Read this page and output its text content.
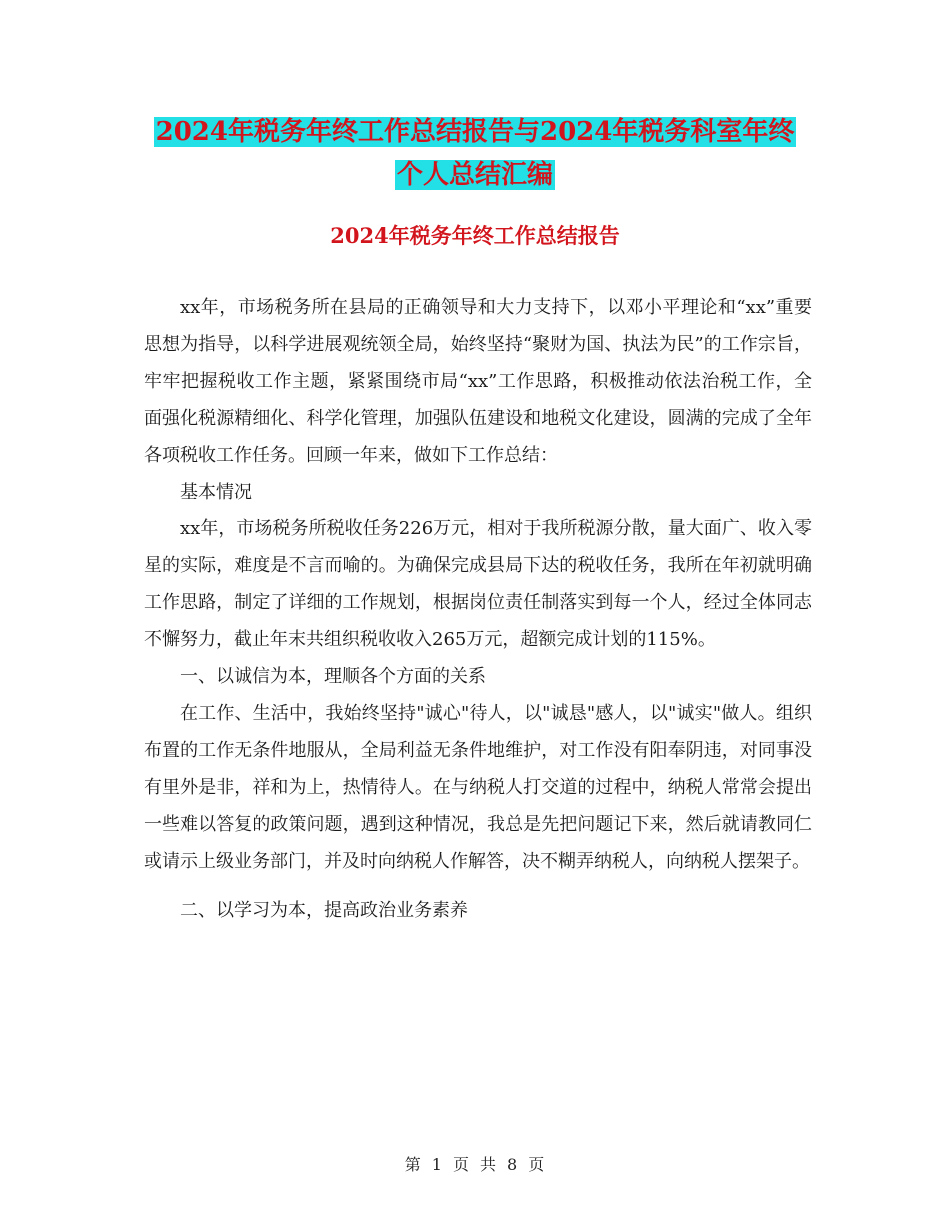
2024年税务年终工作总结报告与2024年税务科室年终
个人总结汇编
2024年税务年终工作总结报告

xx年，市场税务所在县局的正确领导和大力支持下，以邓小平理论和“xx”重要思想为指导，以科学进展观统领全局，始终坚持“聚财为国、执法为民”的工作宗旨，牢牢把握税收工作主题，紧紧围绕市局“xx”工作思路，积极推动依法治税工作，全面强化税源精细化、科学化管理，加强队伍建设和地税文化建设，圆满的完成了全年各项税收工作任务。回顾一年来，做如下工作总结：

基本情况

xx年，市场税务所税收任务226万元，相对于我所税源分散，量大面广、收入零星的实际，难度是不言而喻的。为确保完成县局下达的税收任务，我所在年初就明确工作思路，制定了详细的工作规划，根据岗位责任制落实到每一个人，经过全体同志不懈努力，截止年末共组织税收收入265万元，超额完成计划的115%。

一、以诚信为本，理顺各个方面的关系

在工作、生活中，我始终坚持"诚心"待人，以"诚恳"感人，以"诚实"做人。组织布置的工作无条件地服从，全局利益无条件地维护，对工作没有阳奉阴违，对同事没有里外是非，祥和为上，热情待人。在与纳税人打交道的过程中，纳税人常常会提出一些难以答复的政策问题，遇到这种情况，我总是先把问题记下来，然后就请教同仁或请示上级业务部门，并及时向纳税人作解答，决不糊弄纳税人，向纳税人摆架子。

二、以学习为本，提高政治业务素养

第 1 页 共 8 页
